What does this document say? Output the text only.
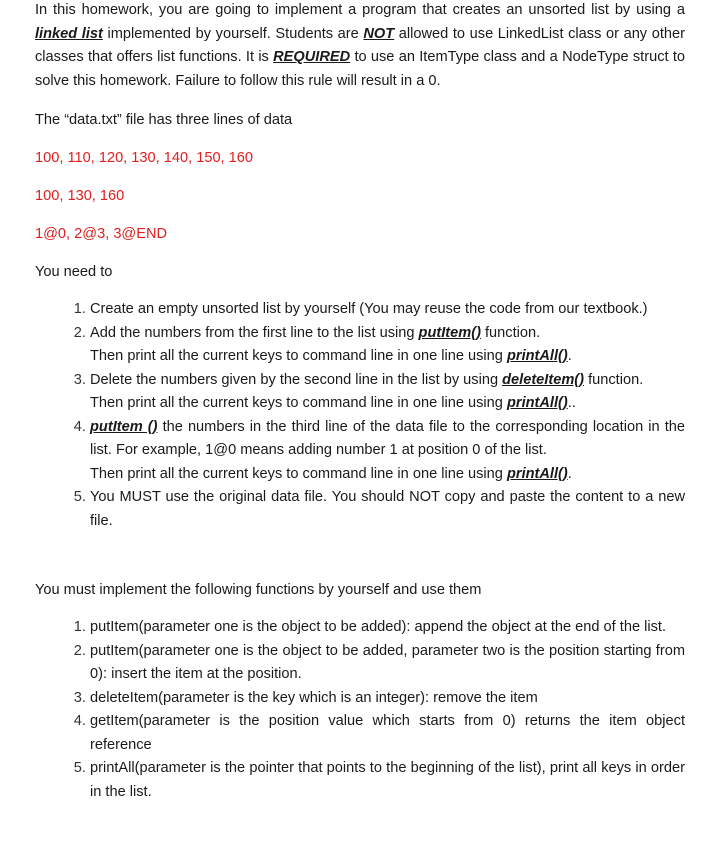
In this homework, you are going to implement a program that creates an unsorted list by using a linked list implemented by yourself. Students are NOT allowed to use LinkedList class or any other classes that offers list functions. It is REQUIRED to use an ItemType class and a NodeType struct to solve this homework. Failure to follow this rule will result in a 0.

The “data.txt” file has three lines of data

100, 110, 120, 130, 140, 150, 160

100, 130, 160

1@0, 2@3, 3@END

You need to

1. Create an empty unsorted list by yourself (You may reuse the code from our textbook.)
2. Add the numbers from the first line to the list using putItem() function.
Then print all the current keys to command line in one line using printAll().
3. Delete the numbers given by the second line in the list by using deleteItem() function.
Then print all the current keys to command line in one line using printAll()..
4. putItem () the numbers in the third line of the data file to the corresponding location in the list. For example, 1@0 means adding number 1 at position 0 of the list.
Then print all the current keys to command line in one line using printAll().
5. You MUST use the original data file. You should NOT copy and paste the content to a new file.

You must implement the following functions by yourself and use them

1. putItem(parameter one is the object to be added): append the object at the end of the list.
2. putItem(parameter one is the object to be added, parameter two is the position starting from 0): insert the item at the position.
3. deleteItem(parameter is the key which is an integer): remove the item
4. getItem(parameter is the position value which starts from 0) returns the item object reference
5. printAll(parameter is the pointer that points to the beginning of the list), print all keys in order in the list.
